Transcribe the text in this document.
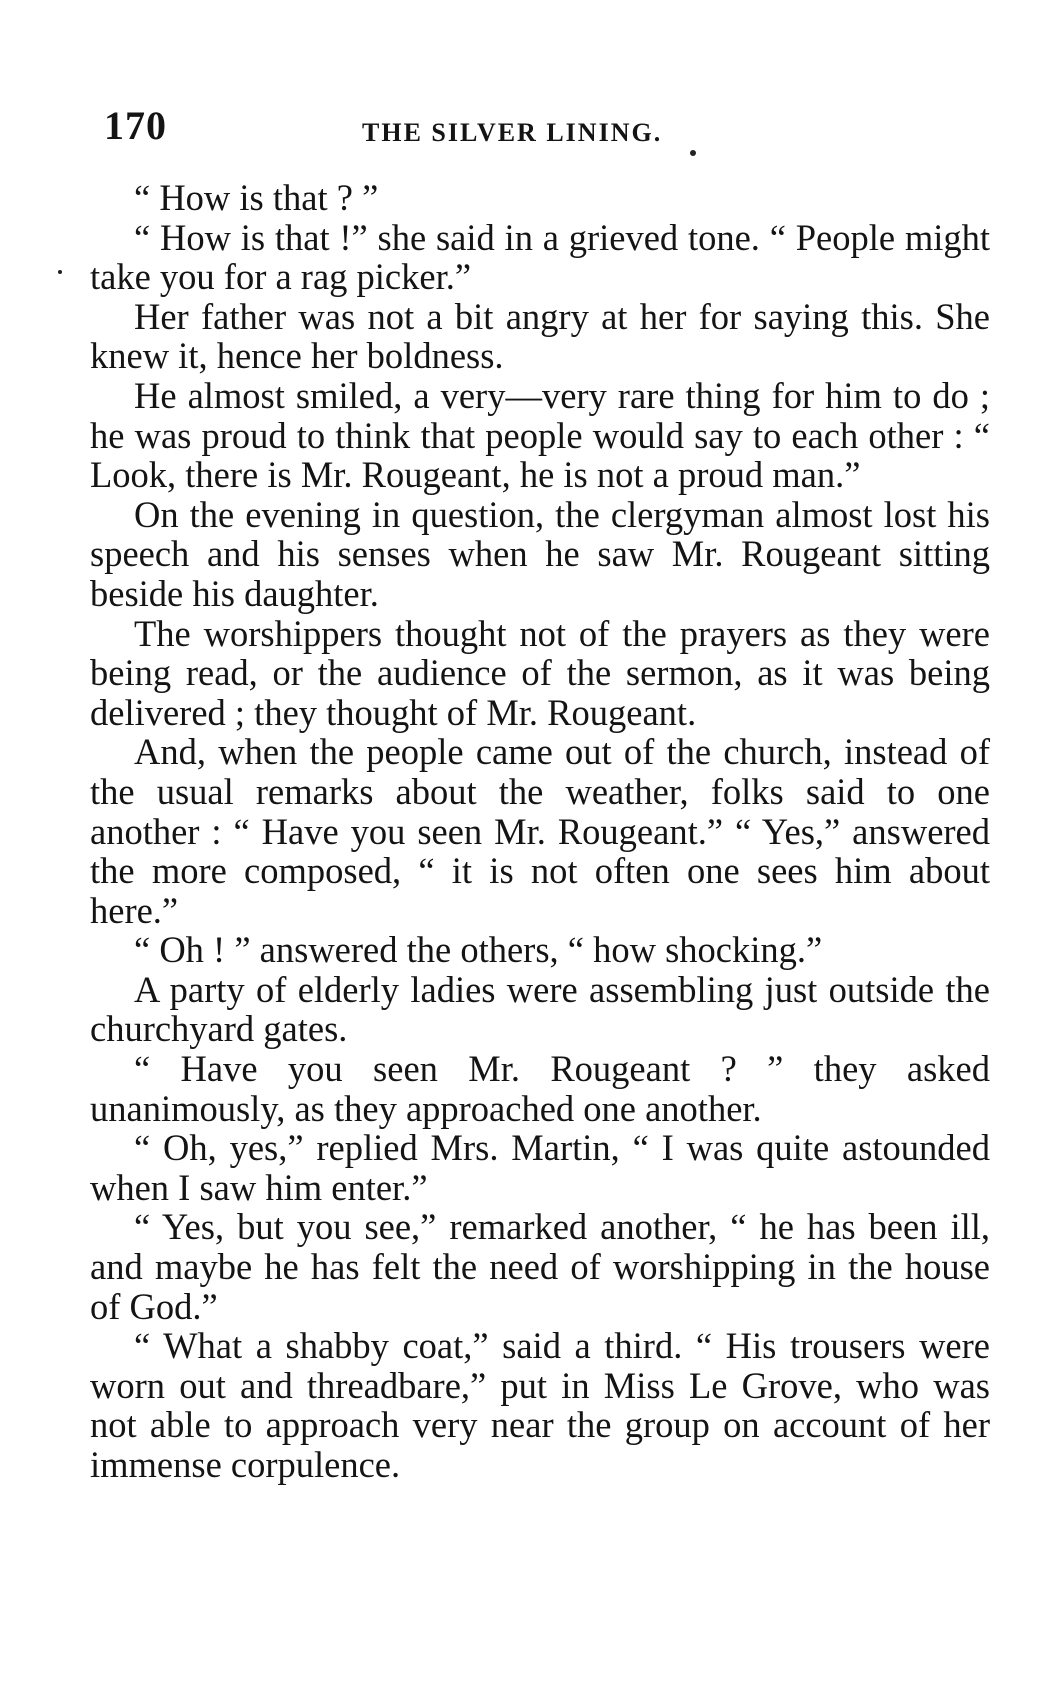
170	THE SILVER LINING.

“ How is that ? ”

“ How is that !” she said in a grieved tone. “ People might take you for a rag picker.”

Her father was not a bit angry at her for saying this. She knew it, hence her boldness.

He almost smiled, a very—very rare thing for him to do ; he was proud to think that people would say to each other : “ Look, there is Mr. Rougeant, he is not a proud man.”

On the evening in question, the clergyman almost lost his speech and his senses when he saw Mr. Rougeant sitting beside his daughter.

The worshippers thought not of the prayers as they were being read, or the audience of the sermon, as it was being delivered ; they thought of Mr. Rougeant.

And, when the people came out of the church, instead of the usual remarks about the weather, folks said to one another : “ Have you seen Mr. Rougeant.” “ Yes,” answered the more composed, “ it is not often one sees him about here.”

“ Oh ! ” answered the others, “ how shocking.”

A party of elderly ladies were assembling just outside the churchyard gates.

“ Have you seen Mr. Rougeant ? ” they asked unanimously, as they approached one another.

“ Oh, yes,” replied Mrs. Martin, “ I was quite astounded when I saw him enter.”

“ Yes, but you see,” remarked another, “ he has been ill, and maybe he has felt the need of worshipping in the house of God.”

“ What a shabby coat,” said a third. “ His trousers were worn out and threadbare,” put in Miss Le Grove, who was not able to approach very near the group on account of her immense corpulence.
